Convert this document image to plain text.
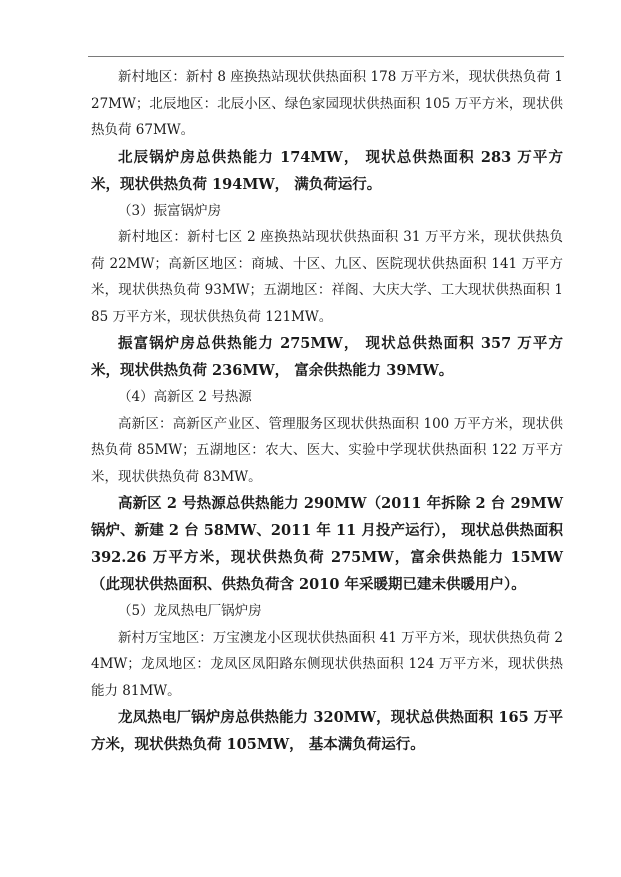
新村地区：新村 8 座换热站现状供热面积 178 万平方米，现状供热负荷 127MW；北辰地区：北辰小区、绿色家园现状供热面积 105 万平方米，现状供热负荷 67MW。

北辰锅炉房总供热能力 174MW， 现状总供热面积 283 万平方米，现状供热负荷 194MW， 满负荷运行。

（3）振富锅炉房

新村地区：新村七区 2 座换热站现状供热面积 31 万平方米，现状供热负荷 22MW；高新区地区：商城、十区、九区、医院现状供热面积 141 万平方米，现状供热负荷 93MW；五湖地区：祥阁、大庆大学、工大现状供热面积 185 万平方米，现状供热负荷 121MW。

振富锅炉房总供热能力 275MW， 现状总供热面积 357 万平方米，现状供热负荷 236MW， 富余供热能力 39MW。

（4）高新区 2 号热源

高新区：高新区产业区、管理服务区现状供热面积 100 万平方米，现状供热负荷 85MW；五湖地区：农大、医大、实验中学现状供热面积 122 万平方米，现状供热负荷 83MW。

高新区 2 号热源总供热能力 290MW（2011 年拆除 2 台 29MW 锅炉、新建 2 台 58MW、2011 年 11 月投产运行）， 现状总供热面积 392.26 万平方米，现状供热负荷 275MW，富余供热能力 15MW（此现状供热面积、供热负荷含 2010 年采暖期已建未供暖用户）。

（5）龙凤热电厂锅炉房

新村万宝地区：万宝澳龙小区现状供热面积 41 万平方米，现状供热负荷 24MW；龙凤地区：龙凤区凤阳路东侧现状供热面积 124 万平方米，现状供热能力 81MW。

龙凤热电厂锅炉房总供热能力 320MW，现状总供热面积 165 万平方米，现状供热负荷 105MW， 基本满负荷运行。
